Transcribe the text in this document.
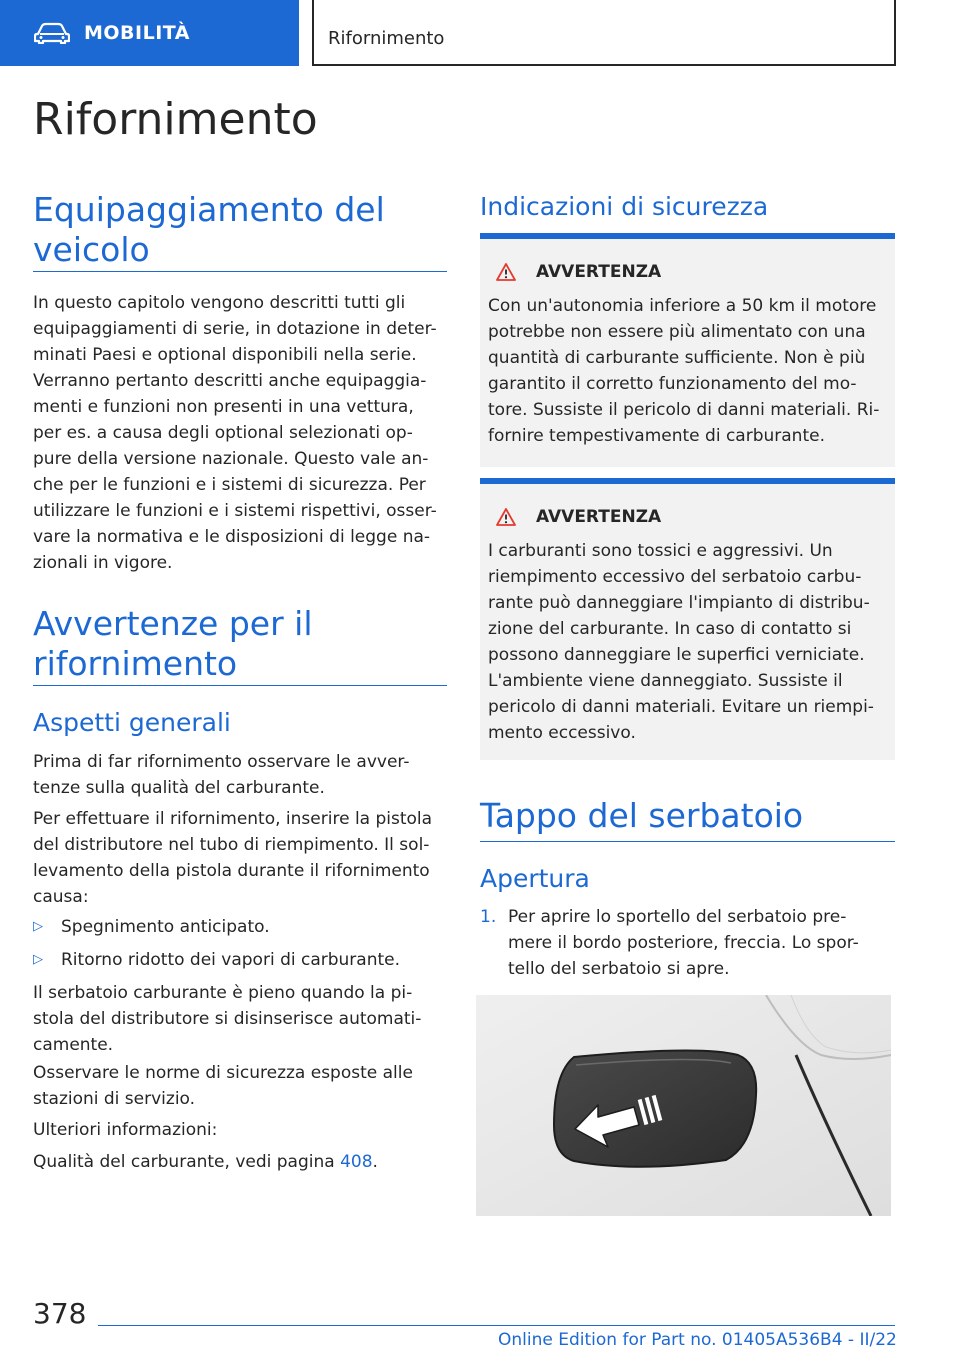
MOBILITÀ	Rifornimento
Rifornimento
Equipaggiamento del
veicolo
In questo capitolo vengono descritti tutti gli
equipaggiamenti di serie, in dotazione in deter-
minati Paesi e optional disponibili nella serie.
Verranno pertanto descritti anche equipaggia-
menti e funzioni non presenti in una vettura,
per es. a causa degli optional selezionati op-
pure della versione nazionale. Questo vale an-
che per le funzioni e i sistemi di sicurezza. Per
utilizzare le funzioni e i sistemi rispettivi, osser-
vare la normativa e le disposizioni di legge na-
zionali in vigore.
Avvertenze per il
rifornimento
Aspetti generali
Prima di far rifornimento osservare le avver-
tenze sulla qualità del carburante.
Per effettuare il rifornimento, inserire la pistola
del distributore nel tubo di riempimento. Il sol-
levamento della pistola durante il rifornimento
causa:
▷	Spegnimento anticipato.
▷	Ritorno ridotto dei vapori di carburante.
Il serbatoio carburante è pieno quando la pi-
stola del distributore si disinserisce automati-
camente.
Osservare le norme di sicurezza esposte alle
stazioni di servizio.
Ulteriori informazioni:
Qualità del carburante, vedi pagina 408.
Indicazioni di sicurezza
AVVERTENZA
Con un'autonomia inferiore a 50 km il motore
potrebbe non essere più alimentato con una
quantità di carburante sufficiente. Non è più
garantito il corretto funzionamento del mo-
tore. Sussiste il pericolo di danni materiali. Ri-
fornire tempestivamente di carburante.
AVVERTENZA
I carburanti sono tossici e aggressivi. Un
riempimento eccessivo del serbatoio carbu-
rante può danneggiare l'impianto di distribu-
zione del carburante. In caso di contatto si
possono danneggiare le superfici verniciate.
L'ambiente viene danneggiato. Sussiste il
pericolo di danni materiali. Evitare un riempi-
mento eccessivo.
Tappo del serbatoio
Apertura
1. Per aprire lo sportello del serbatoio pre-
mere il bordo posteriore, freccia. Lo spor-
tello del serbatoio si apre.
378
Online Edition for Part no. 01405A536B4 - II/22
